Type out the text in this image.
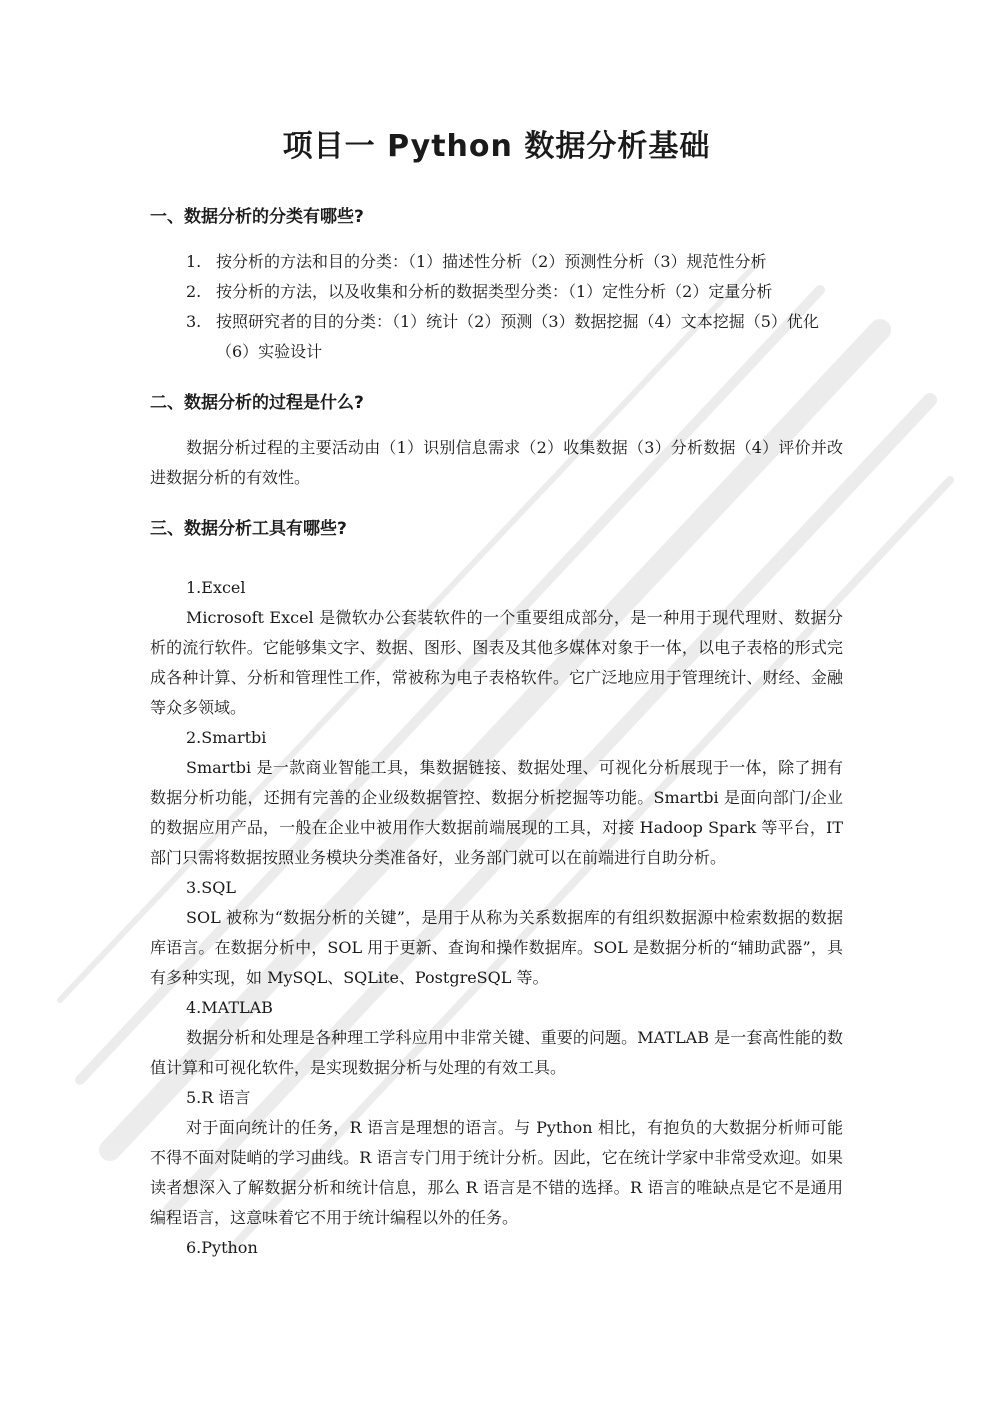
项目一 Python 数据分析基础
一、数据分析的分类有哪些?
1. 按分析的方法和目的分类：（1）描述性分析（2）预测性分析（3）规范性分析
2. 按分析的方法，以及收集和分析的数据类型分类：（1）定性分析（2）定量分析
3. 按照研究者的目的分类：（1）统计（2）预测（3）数据挖掘（4）文本挖掘（5）优化（6）实验设计
二、数据分析的过程是什么?

数据分析过程的主要活动由（1）识别信息需求（2）收集数据（3）分析数据（4）评价并改进数据分析的有效性。

三、数据分析工具有哪些?

1.Excel

Microsoft Excel 是微软办公套装软件的一个重要组成部分，是一种用于现代理财、数据分析的流行软件。它能够集文字、数据、图形、图表及其他多媒体对象于一体，以电子表格的形式完成各种计算、分析和管理性工作，常被称为电子表格软件。它广泛地应用于管理统计、财经、金融等众多领域。

2.Smartbi

Smartbi 是一款商业智能工具，集数据链接、数据处理、可视化分析展现于一体，除了拥有数据分析功能，还拥有完善的企业级数据管控、数据分析挖掘等功能。Smartbi 是面向部门/企业的数据应用产品，一般在企业中被用作大数据前端展现的工具，对接 Hadoop Spark 等平台，IT 部门只需将数据按照业务模块分类准备好，业务部门就可以在前端进行自助分析。

3.SQL

SOL 被称为“数据分析的关键”，是用于从称为关系数据库的有组织数据源中检索数据的数据库语言。在数据分析中，SOL 用于更新、查询和操作数据库。SOL 是数据分析的“辅助武器”，具有多种实现，如 MySQL、SQLite、PostgreSQL 等。

4.MATLAB

数据分析和处理是各种理工学科应用中非常关键、重要的问题。MATLAB 是一套高性能的数值计算和可视化软件，是实现数据分析与处理的有效工具。

5.R 语言

对于面向统计的任务，R 语言是理想的语言。与 Python 相比，有抱负的大数据分析师可能不得不面对陡峭的学习曲线。R 语言专门用于统计分析。因此，它在统计学家中非常受欢迎。如果读者想深入了解数据分析和统计信息，那么 R 语言是不错的选择。R 语言的唯缺点是它不是通用编程语言，这意味着它不用于统计编程以外的任务。

6.Python
